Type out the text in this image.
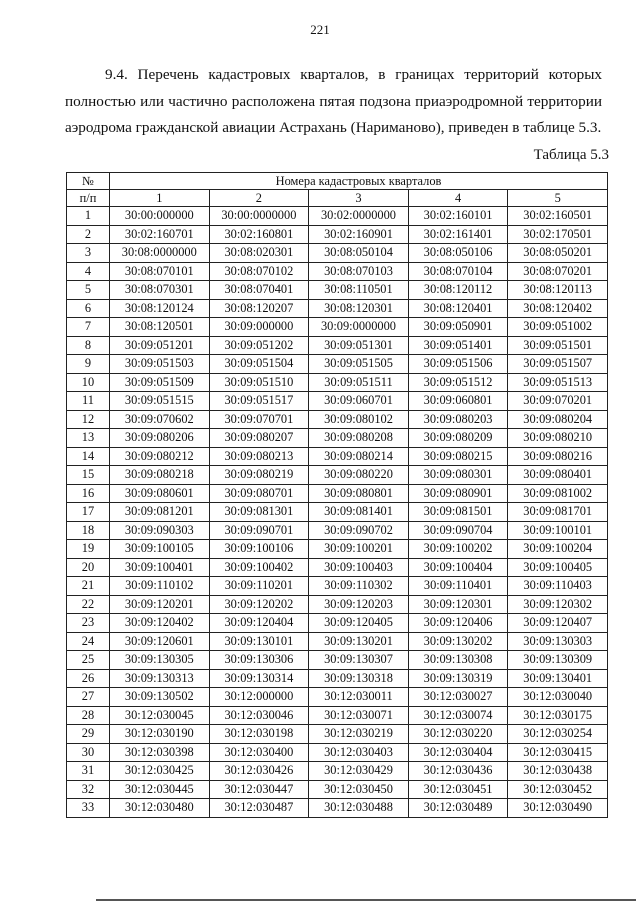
221
9.4. Перечень кадастровых кварталов, в границах территорий которых полностью или частично расположена пятая подзона приаэродромной территории аэродрома гражданской авиации Астрахань (Нариманово), приведен в таблице 5.3.
Таблица 5.3
№	Номера кадастровых кварталов				
п/п	1	2	3	4	5
1	30:00:000000	30:00:0000000	30:02:0000000	30:02:160101	30:02:160501
2	30:02:160701	30:02:160801	30:02:160901	30:02:161401	30:02:170501
3	30:08:0000000	30:08:020301	30:08:050104	30:08:050106	30:08:050201
4	30:08:070101	30:08:070102	30:08:070103	30:08:070104	30:08:070201
5	30:08:070301	30:08:070401	30:08:110501	30:08:120112	30:08:120113
6	30:08:120124	30:08:120207	30:08:120301	30:08:120401	30:08:120402
7	30:08:120501	30:09:000000	30:09:0000000	30:09:050901	30:09:051002
8	30:09:051201	30:09:051202	30:09:051301	30:09:051401	30:09:051501
9	30:09:051503	30:09:051504	30:09:051505	30:09:051506	30:09:051507
10	30:09:051509	30:09:051510	30:09:051511	30:09:051512	30:09:051513
11	30:09:051515	30:09:051517	30:09:060701	30:09:060801	30:09:070201
12	30:09:070602	30:09:070701	30:09:080102	30:09:080203	30:09:080204
13	30:09:080206	30:09:080207	30:09:080208	30:09:080209	30:09:080210
14	30:09:080212	30:09:080213	30:09:080214	30:09:080215	30:09:080216
15	30:09:080218	30:09:080219	30:09:080220	30:09:080301	30:09:080401
16	30:09:080601	30:09:080701	30:09:080801	30:09:080901	30:09:081002
17	30:09:081201	30:09:081301	30:09:081401	30:09:081501	30:09:081701
18	30:09:090303	30:09:090701	30:09:090702	30:09:090704	30:09:100101
19	30:09:100105	30:09:100106	30:09:100201	30:09:100202	30:09:100204
20	30:09:100401	30:09:100402	30:09:100403	30:09:100404	30:09:100405
21	30:09:110102	30:09:110201	30:09:110302	30:09:110401	30:09:110403
22	30:09:120201	30:09:120202	30:09:120203	30:09:120301	30:09:120302
23	30:09:120402	30:09:120404	30:09:120405	30:09:120406	30:09:120407
24	30:09:120601	30:09:130101	30:09:130201	30:09:130202	30:09:130303
25	30:09:130305	30:09:130306	30:09:130307	30:09:130308	30:09:130309
26	30:09:130313	30:09:130314	30:09:130318	30:09:130319	30:09:130401
27	30:09:130502	30:12:000000	30:12:030011	30:12:030027	30:12:030040
28	30:12:030045	30:12:030046	30:12:030071	30:12:030074	30:12:030175
29	30:12:030190	30:12:030198	30:12:030219	30:12:030220	30:12:030254
30	30:12:030398	30:12:030400	30:12:030403	30:12:030404	30:12:030415
31	30:12:030425	30:12:030426	30:12:030429	30:12:030436	30:12:030438
32	30:12:030445	30:12:030447	30:12:030450	30:12:030451	30:12:030452
33	30:12:030480	30:12:030487	30:12:030488	30:12:030489	30:12:030490
